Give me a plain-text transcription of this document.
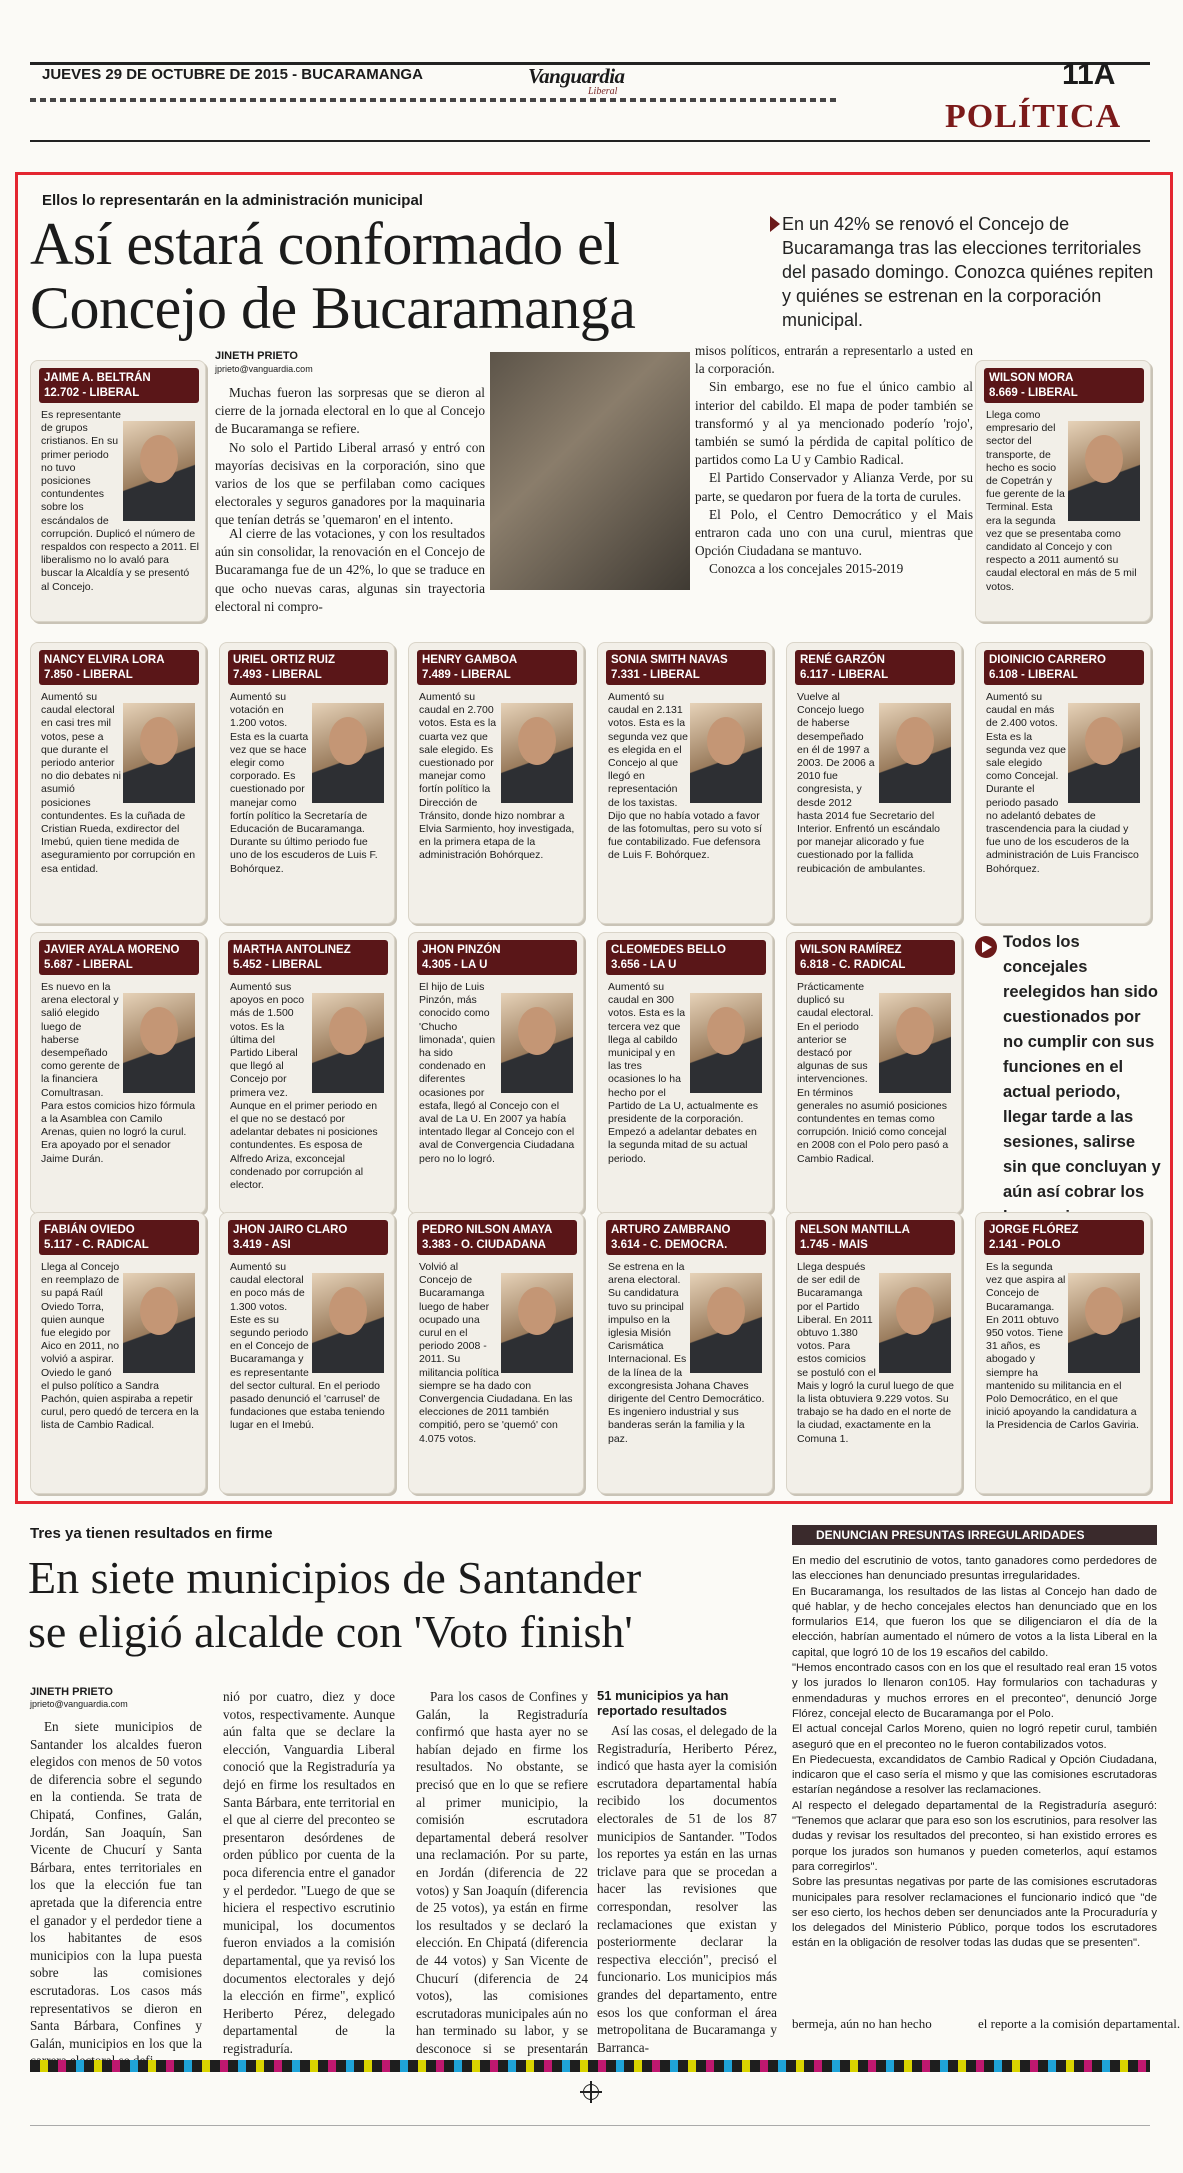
JUEVES 29 DE OCTUBRE DE 2015 - BUCARAMANGA	Vanguardia
Liberal
11A
POLÍTICA
Ellos lo representarán en la administración municipal
Así estará conformado el
Concejo de Bucaramanga
En un 42% se renovó el Concejo de Bucaramanga tras las elecciones territoriales del pasado domingo. Conozca quiénes repiten y quiénes se estrenan en la corporación municipal.
JINETH PRIETO
jprieto@vanguardia.com

Muchas fueron las sorpresas que se dieron al cierre de la jornada electoral en lo que al Concejo de Bucaramanga se refiere.

No solo el Partido Liberal arrasó y entró con mayorías decisivas en la corporación, sino que varios de los que se perfilaban como caciques electorales y seguros ganadores por la maquinaria que tenían detrás se 'quemaron' en el intento.

Al cierre de las votaciones, y con los resultados aún sin consolidar, la renovación en el Concejo de Bucaramanga fue de un 42%, lo que se traduce en que ocho nuevas caras, algunas sin trayectoria electoral ni compro-

misos políticos, entrarán a representarlo a usted en la corporación.

Sin embargo, ese no fue el único cambio al interior del cabildo. El mapa de poder también se transformó y al ya mencionado poderío 'rojo', también se sumó la pérdida de capital político de partidos como La U y Cambio Radical.

El Partido Conservador y Alianza Verde, por su parte, se quedaron por fuera de la torta de curules.

El Polo, el Centro Democrático y el Mais entraron cada uno con una curul, mientras que Opción Ciudadana se mantuvo.

Conozca a los concejales 2015-2019

JAIME A. BELTRÁN
12.702 - LIBERAL
Es representante de grupos cristianos. En su primer periodo no tuvo posiciones contundentes sobre los escándalos de corrupción. Duplicó el número de respaldos con respecto a 2011. El liberalismo no lo avaló para buscar la Alcaldía y se presentó al Concejo.
WILSON MORA
8.669 - LIBERAL
Llega como empresario del sector del transporte, de hecho es socio de Copetrán y fue gerente de la Terminal. Esta era la segunda vez que se presentaba como candidato al Concejo y con respecto a 2011 aumentó su caudal electoral en más de 5 mil votos.
NANCY ELVIRA LORA
7.850 - LIBERAL
Aumentó su caudal electoral en casi tres mil votos, pese a que durante el periodo anterior no dio debates ni asumió posiciones contundentes. Es la cuñada de Cristian Rueda, exdirector del Imebú, quien tiene medida de aseguramiento por corrupción en esa entidad.
URIEL ORTIZ RUIZ
7.493 - LIBERAL
Aumentó su votación en 1.200 votos. Esta es la cuarta vez que se hace elegir como corporado. Es cuestionado por manejar como fortín político la Secretaría de Educación de Bucaramanga. Durante su último periodo fue uno de los escuderos de Luis F. Bohórquez.
HENRY GAMBOA
7.489 - LIBERAL
Aumentó su caudal en 2.700 votos. Esta es la cuarta vez que sale elegido. Es cuestionado por manejar como fortín político la Dirección de Tránsito, donde hizo nombrar a Elvia Sarmiento, hoy investigada, en la primera etapa de la administración Bohórquez.
SONIA SMITH NAVAS
7.331 - LIBERAL
Aumentó su caudal en 2.131 votos. Esta es la segunda vez que es elegida en el Concejo al que llegó en representación de los taxistas. Dijo que no había votado a favor de las fotomultas, pero su voto sí fue contabilizado. Fue defensora de Luis F. Bohórquez.
RENÉ GARZÓN
6.117 - LIBERAL
Vuelve al Concejo luego de haberse desempeñado en él de 1997 a 2003. De 2006 a 2010 fue congresista, y desde 2012 hasta 2014 fue Secretario del Interior. Enfrentó un escándalo por manejar alicorado y fue cuestionado por la fallida reubicación de ambulantes.
DIOINICIO CARRERO
6.108 - LIBERAL
Aumentó su caudal en más de 2.400 votos. Esta es la segunda vez que sale elegido como Concejal. Durante el periodo pasado no adelantó debates de trascendencia para la ciudad y fue uno de los escuderos de la administración de Luis Francisco Bohórquez.
JAVIER AYALA MORENO
5.687 - LIBERAL
Es nuevo en la arena electoral y salió elegido luego de haberse desempeñado como gerente de la financiera Comultrasan. Para estos comicios hizo fórmula a la Asamblea con Camilo Arenas, quien no logró la curul. Era apoyado por el senador Jaime Durán.
MARTHA ANTOLINEZ
5.452 - LIBERAL
Aumentó sus apoyos en poco más de 1.500 votos. Es la última del Partido Liberal que llegó al Concejo por primera vez. Aunque en el primer periodo en el que no se destacó por adelantar debates ni posiciones contundentes. Es esposa de Alfredo Ariza, exconcejal condenado por corrupción al elector.
JHON PINZÓN
4.305 - LA U
El hijo de Luis Pinzón, más conocido como 'Chucho limonada', quien ha sido condenado en diferentes ocasiones por estafa, llegó al Concejo con el aval de La U. En 2007 ya había intentado llegar al Concejo con el aval de Convergencia Ciudadana pero no lo logró.
CLEOMEDES BELLO
3.656 - LA U
Aumentó su caudal en 300 votos. Esta es la tercera vez que llega al cabildo municipal y en las tres ocasiones lo ha hecho por el Partido de La U, actualmente es presidente de la corporación. Empezó a adelantar debates en la segunda mitad de su actual periodo.
WILSON RAMÍREZ
6.818 - C. RADICAL
Prácticamente duplicó su caudal electoral. En el periodo anterior se destacó por algunas de sus intervenciones. En términos generales no asumió posiciones contundentes en temas como corrupción. Inició como concejal en 2008 con el Polo pero pasó a Cambio Radical.
Todos los concejales reelegidos han sido cuestionados por no cumplir con sus funciones en el actual periodo, llegar tarde a las sesiones, salirse sin que concluyan y aún así cobrar los
FABIÁN OVIEDO
5.117 - C. RADICAL
Llega al Concejo en reemplazo de su papá Raúl Oviedo Torra, quien aunque fue elegido por Aico en 2011, no volvió a aspirar. Oviedo le ganó el pulso político a Sandra Pachón, quien aspiraba a repetir curul, pero quedó de tercera en la lista de Cambio Radical.
JHON JAIRO CLARO
3.419 - ASI
Aumentó su caudal electoral en poco más de 1.300 votos. Este es su segundo periodo en el Concejo de Bucaramanga y es representante del sector cultural. En el periodo pasado denunció el 'carrusel' de fundaciones que estaba teniendo lugar en el Imebú.
PEDRO NILSON AMAYA
3.383 - O. CIUDADANA
Volvió al Concejo de Bucaramanga luego de haber ocupado una curul en el periodo 2008 - 2011. Su militancia política siempre se ha dado con Convergencia Ciudadana. En las elecciones de 2011 también compitió, pero se 'quemó' con 4.075 votos.
ARTURO ZAMBRANO
3.614 - C. DEMOCRA.
Se estrena en la arena electoral. Su candidatura tuvo su principal impulso en la iglesia Misión Carismática Internacional. Es de la línea de la excongresista Johana Chaves dirigente del Centro Democrático. Es ingeniero industrial y sus banderas serán la familia y la paz.
NELSON MANTILLA
1.745 - MAIS
Llega después de ser edil de Bucaramanga por el Partido Liberal. En 2011 obtuvo 1.380 votos. Para estos comicios se postuló con el Mais y logró la curul luego de que la lista obtuviera 9.229 votos. Su trabajo se ha dado en el norte de la ciudad, exactamente en la Comuna 1.
JORGE FLÓREZ
2.141 - POLO
Es la segunda vez que aspira al Concejo de Bucaramanga. En 2011 obtuvo 950 votos. Tiene 31 años, es abogado y siempre ha mantenido su militancia en el Polo Democrático, en el que inició apoyando la candidatura a la Presidencia de Carlos Gaviria.
Tres ya tienen resultados en firme
En siete municipios de Santander
se eligió alcalde con 'Voto finish'
JINETH PRIETO
jprieto@vanguardia.com

En siete municipios de Santander los alcaldes fueron elegidos con menos de 50 votos de diferencia sobre el segundo en la contienda. Se trata de Chipatá, Confines, Galán, Jordán, San Joaquín, San Vicente de Chucurí y Santa Bárbara, entes territoriales en los que la elección fue tan apretada que la diferencia entre el ganador y el perdedor tiene a los habitantes de esos municipios con la lupa puesta sobre las comisiones escrutadoras. Los casos más representativos se dieron en Santa Bárbara, Confines y Galán, municipios en los que la

nió por cuatro, diez y doce votos, respectivamente. Aunque aún falta que se declare la elección, Vanguardia Liberal conoció que la Registraduría ya dejó en firme los resultados en Santa Bárbara, ente territorial en el que al cierre del preconteo se presentaron desórdenes de orden público por cuenta de la poca diferencia entre el ganador y el perdedor. "Luego de que se hiciera el respectivo escrutinio municipal, los documentos fueron enviados a la comisión departamental, que ya revisó los documentos electorales y dejó la elección en firme", explicó Heriberto Pérez, delegado departamental de la registraduría.

Para los casos de Confines y Galán, la Registraduría confirmó que hasta ayer no se habían dejado en firme los resultados. No obstante, se precisó que en lo que se refiere al primer municipio, la comisión escrutadora departamental deberá resolver una reclamación. Por su parte, en Jordán (diferencia de 22 votos) y San Joaquín (diferencia de 25 votos), ya están en firme los resultados y se declaró la elección. En Chipatá (diferencia de 44 votos) y San Vicente de Chucurí (diferencia de 24 votos), las comisiones escrutadoras municipales aún no han terminado su labor, y se desconoce si se presentarán

51 municipios ya han reportado resultados

Así las cosas, el delegado de la Registraduría, Heriberto Pérez, indicó que hasta ayer la comisión escrutadora departamental había recibido los documentos electorales de 51 de los 87 municipios de Santander. "Todos los reportes ya están en las urnas triclave para que se procedan a hacer las revisiones que correspondan, resolver las reclamaciones que existan y posteriormente declarar la respectiva elección", precisó el funcionario. Los municipios más grandes del departamento, entre esos los que conforman el área metropolitana de Bucaramanga y Barranca-

DENUNCIAN PRESUNTAS IRREGULARIDADES

En medio del escrutinio de votos, tanto ganadores como perdedores de las elecciones han denunciado presuntas irregularidades.

En Bucaramanga, los resultados de las listas al Concejo han dado de qué hablar, y de hecho concejales electos han denunciado que en los formularios E14, que fueron los que se diligenciaron el día de la elección, habrían aumentado el número de votos a la lista Liberal en la capital, que logró 10 de los 19 escaños del cabildo.

"Hemos encontrado casos con en los que el resultado real eran 15 votos y los jurados lo llenaron con105. Hay formularios con tachaduras y enmendaduras y muchos errores en el preconteo", denunció Jorge Flórez, concejal electo de Bucaramanga por el Polo.

El actual concejal Carlos Moreno, quien no logró repetir curul, también aseguró que en el preconteo no le fueron contabilizados votos.

En Piedecuesta, excandidatos de Cambio Radical y Opción Ciudadana, indicaron que el caso sería el mismo y que las comisiones escrutadoras estarían negándose a resolver las reclamaciones.

Al respecto el delegado departamental de la Registraduría aseguró: "Tenemos que aclarar que para eso son los escrutinios, para resolver las dudas y revisar los resultados del preconteo, si han existido errores es porque los jurados son humanos y pueden cometerlos, aquí estamos para corregirlos".

Sobre las presuntas negativas por parte de las comisiones escrutadoras municipales para resolver reclamaciones el funcionario indicó que "de ser eso cierto, los hechos deben ser denunciados ante la Procuraduría y los delegados del Ministerio Público, porque todos los escrutadores están en la obligación de resolver todas las dudas que se presenten".

bermeja, aún no han hecho	el reporte a la comisión departamental.
